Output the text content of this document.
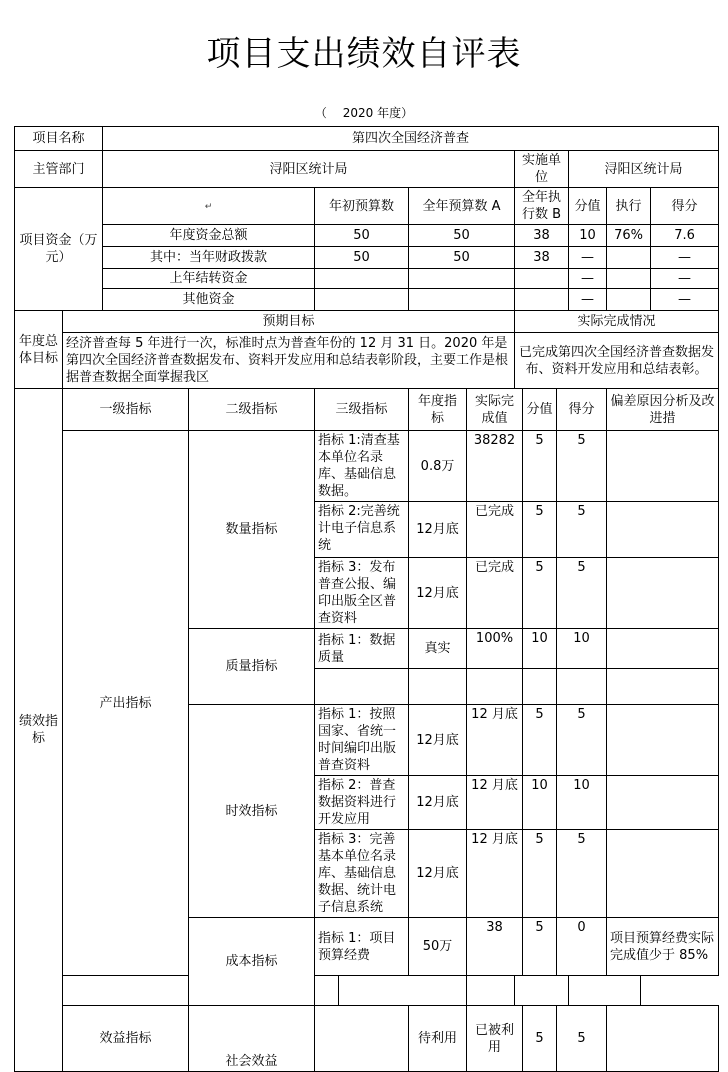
项目支出绩效自评表
（　 2020 年度）
项目名称		第四次全国经济普查											
主管部门		浔阳区统计局						实施单位			浔阳区统计局		
项目资金（万元）		↵		年初预算数		全年预算数 A		全年执行数 B			分值	执行	得分
		年度资金总额		50		50		38			10	76%	7.6
		其中：当年财政拨款		50		50		38			—		—
		上年结转资金									—		—
		其他资金									—		—
年度总体目标	预期目标							实际完成情况					
	经济普查每 5 年进行一次，标准时点为普查年份的 12 月 31 日。2020 年是第四次全国经济普查数据发布、资料开发应用和总结表彰阶段，主要工作是根据普查数据全面掌握我区							已完成第四次全国经济普查数据发布、资料开发应用和总结表彰。					
绩效指标	一级指标		二级指标	三级指标		年度指标	实际完成值		分值	得分		偏差原因分析及改进措	
	产出指标		数量指标	指标 1:清查基本单位名录库、基础信息数据。		0.8万	38282		5	5			
				指标 2:完善统计电子信息系统		12月底	已完成		5	5			
				指标 3：发布普查公报、编印出版全区普查资料		12月底	已完成		5	5			
			质量指标	指标 1：数据质量		真实	100%		10	10			

			时效指标	指标 1：按照国家、省统一时间编印出版普查资料		12月底	12 月底		5	5			
				指标 2：普查数据资料进行开发应用		12月底	12 月底		10	10			
				指标 3：完善基本单位名录库、基础信息数据、统计电子信息系统		12月底	12 月底		5	5			
			成本指标	指标 1：项目预算经费		50万	38		5	0		项目预算经费实际完成值少于 85%	

	效益指标		社会效益			待利用	已被利用		5	5			
